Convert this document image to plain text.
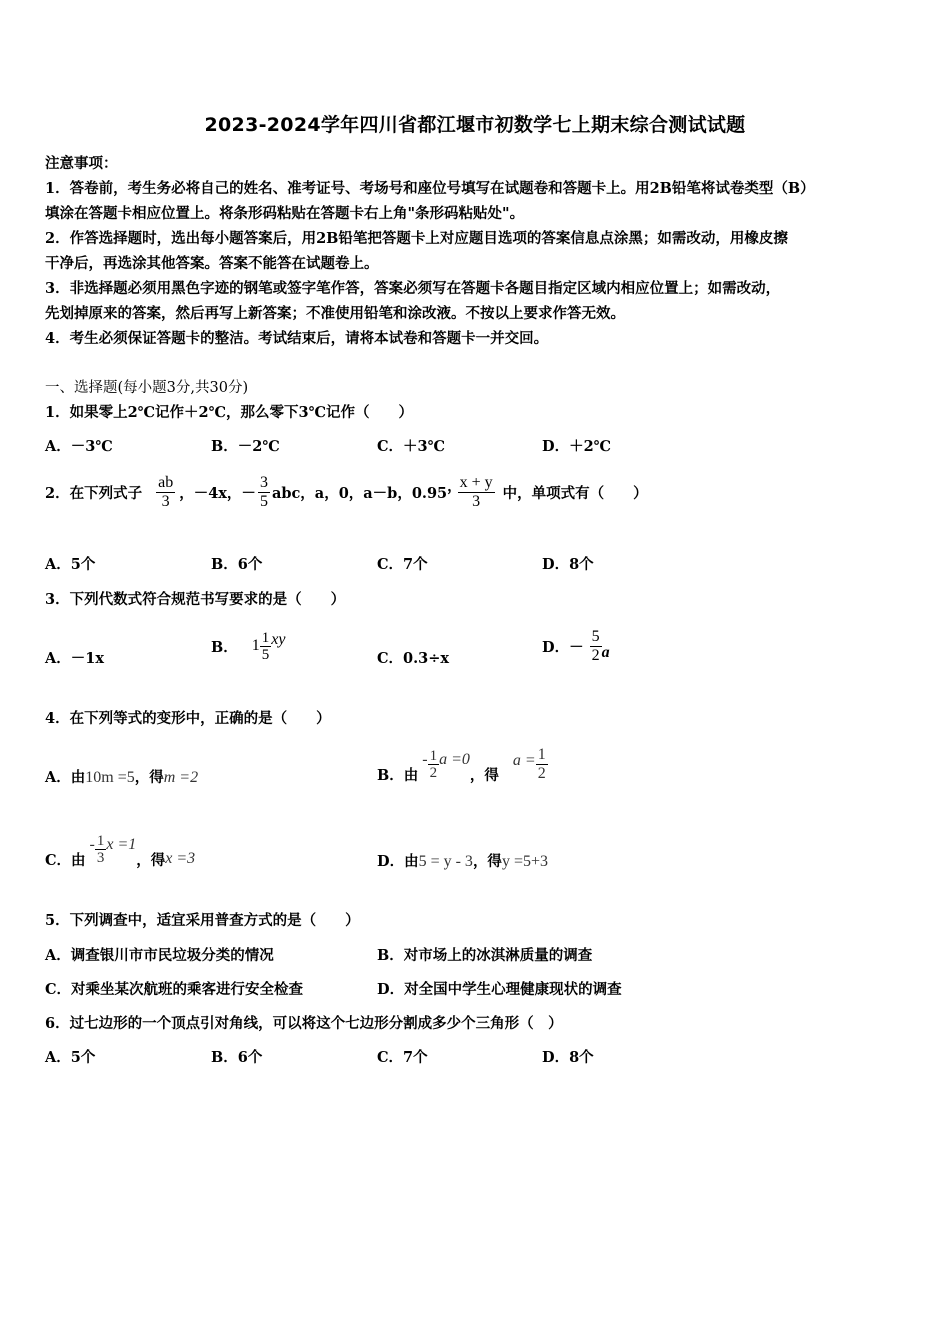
2023-2024学年四川省都江堰市初数学七上期末综合测试试题
注意事项：
1．答卷前，考生务必将自己的姓名、准考证号、考场号和座位号填写在试题卷和答题卡上。用2B铅笔将试卷类型（B）
填涂在答题卡相应位置上。将条形码粘贴在答题卡右上角"条形码粘贴处"。
2．作答选择题时，选出每小题答案后，用2B铅笔把答题卡上对应题目选项的答案信息点涂黑；如需改动，用橡皮擦
干净后，再选涂其他答案。答案不能答在试题卷上。
3．非选择题必须用黑色字迹的钢笔或签字笔作答，答案必须写在答题卡各题目指定区域内相应位置上；如需改动，
先划掉原来的答案，然后再写上新答案；不准使用铅笔和涂改液。不按以上要求作答无效。
4．考生必须保证答题卡的整洁。考试结束后，请将本试卷和答题卡一并交回。
一、选择题(每小题3分,共30分)
1．如果零上2℃记作＋2℃，那么零下3℃记作（　　）
A．－3℃	B．－2℃	C．＋3℃	D．＋2℃
2．在下列式子 $\frac{ab}{3}$ ，－4x，－ $\frac{3}{5}$ abc，a，0，a－b，0.95 ，
$\frac{x + y}{3}$ 中，单项式有（　　）
A．5个	B．6个	C．7个	D．8个
3．下列代数式符合规范书写要求的是（　　）
A．－1x
B． $1 \frac{1}{5}$ xy
C．0.3÷x
D．－ $\frac{5}{2}$ a
4．在下列等式的变形中，正确的是（　　）
A．由10m =5，得m =2	B．由
- $\frac{1}{2}$ a =0
，得
$a = \frac{1}{2}$
C．由
- $\frac{1}{3}$ x =1
，得 x =3	D．由5 = y - 3，得y =5+3
5．下列调查中，适宜采用普查方式的是（　　）
A．调查银川市市民垃圾分类的情况	B．对市场上的冰淇淋质量的调查
C．对乘坐某次航班的乘客进行安全检查	D．对全国中学生心理健康现状的调查
6．过七边形的一个顶点引对角线，可以将这个七边形分割成多少个三角形（　）
A．5个	B．6个	C．7个	D．8个
